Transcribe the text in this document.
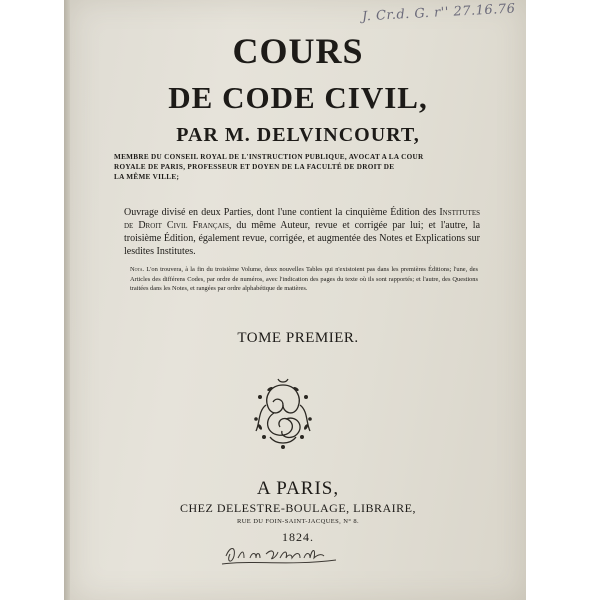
COURS
DE CODE CIVIL,
PAR M. DELVINCOURT,
MEMBRE DU CONSEIL ROYAL DE L'INSTRUCTION PUBLIQUE, AVOCAT A LA COUR
ROYALE DE PARIS, PROFESSEUR ET DOYEN DE LA FACULTÉ DE DROIT DE
LA MÊME VILLE;
Ouvrage divisé en deux Parties, dont l'une contient la cinquième Édition des Institutes de Droit Civil Français, du même Auteur, revue et corrigée par lui; et l'autre, la troisième Édition, également revue, corrigée, et augmentée des Notes et Explications sur lesdites Institutes.
Nota. L'on trouvera, à la fin du troisième Volume, deux nouvelles Tables qui n'existoient pas dans les premières Éditions; l'une, des Articles des différens Codes, par ordre de numéros, avec l'indication des pages du texte où ils sont rapportés; et l'autre, des Questions traitées dans les Notes, et rangées par ordre alphabétique de matières.
TOME PREMIER.
A PARIS,
CHEZ DELESTRE-BOULAGE, LIBRAIRE,
RUE DU FOIN-SAINT-JACQUES, N° 8.
1824.
J. Cr.d. G. r'' 27.16.76
